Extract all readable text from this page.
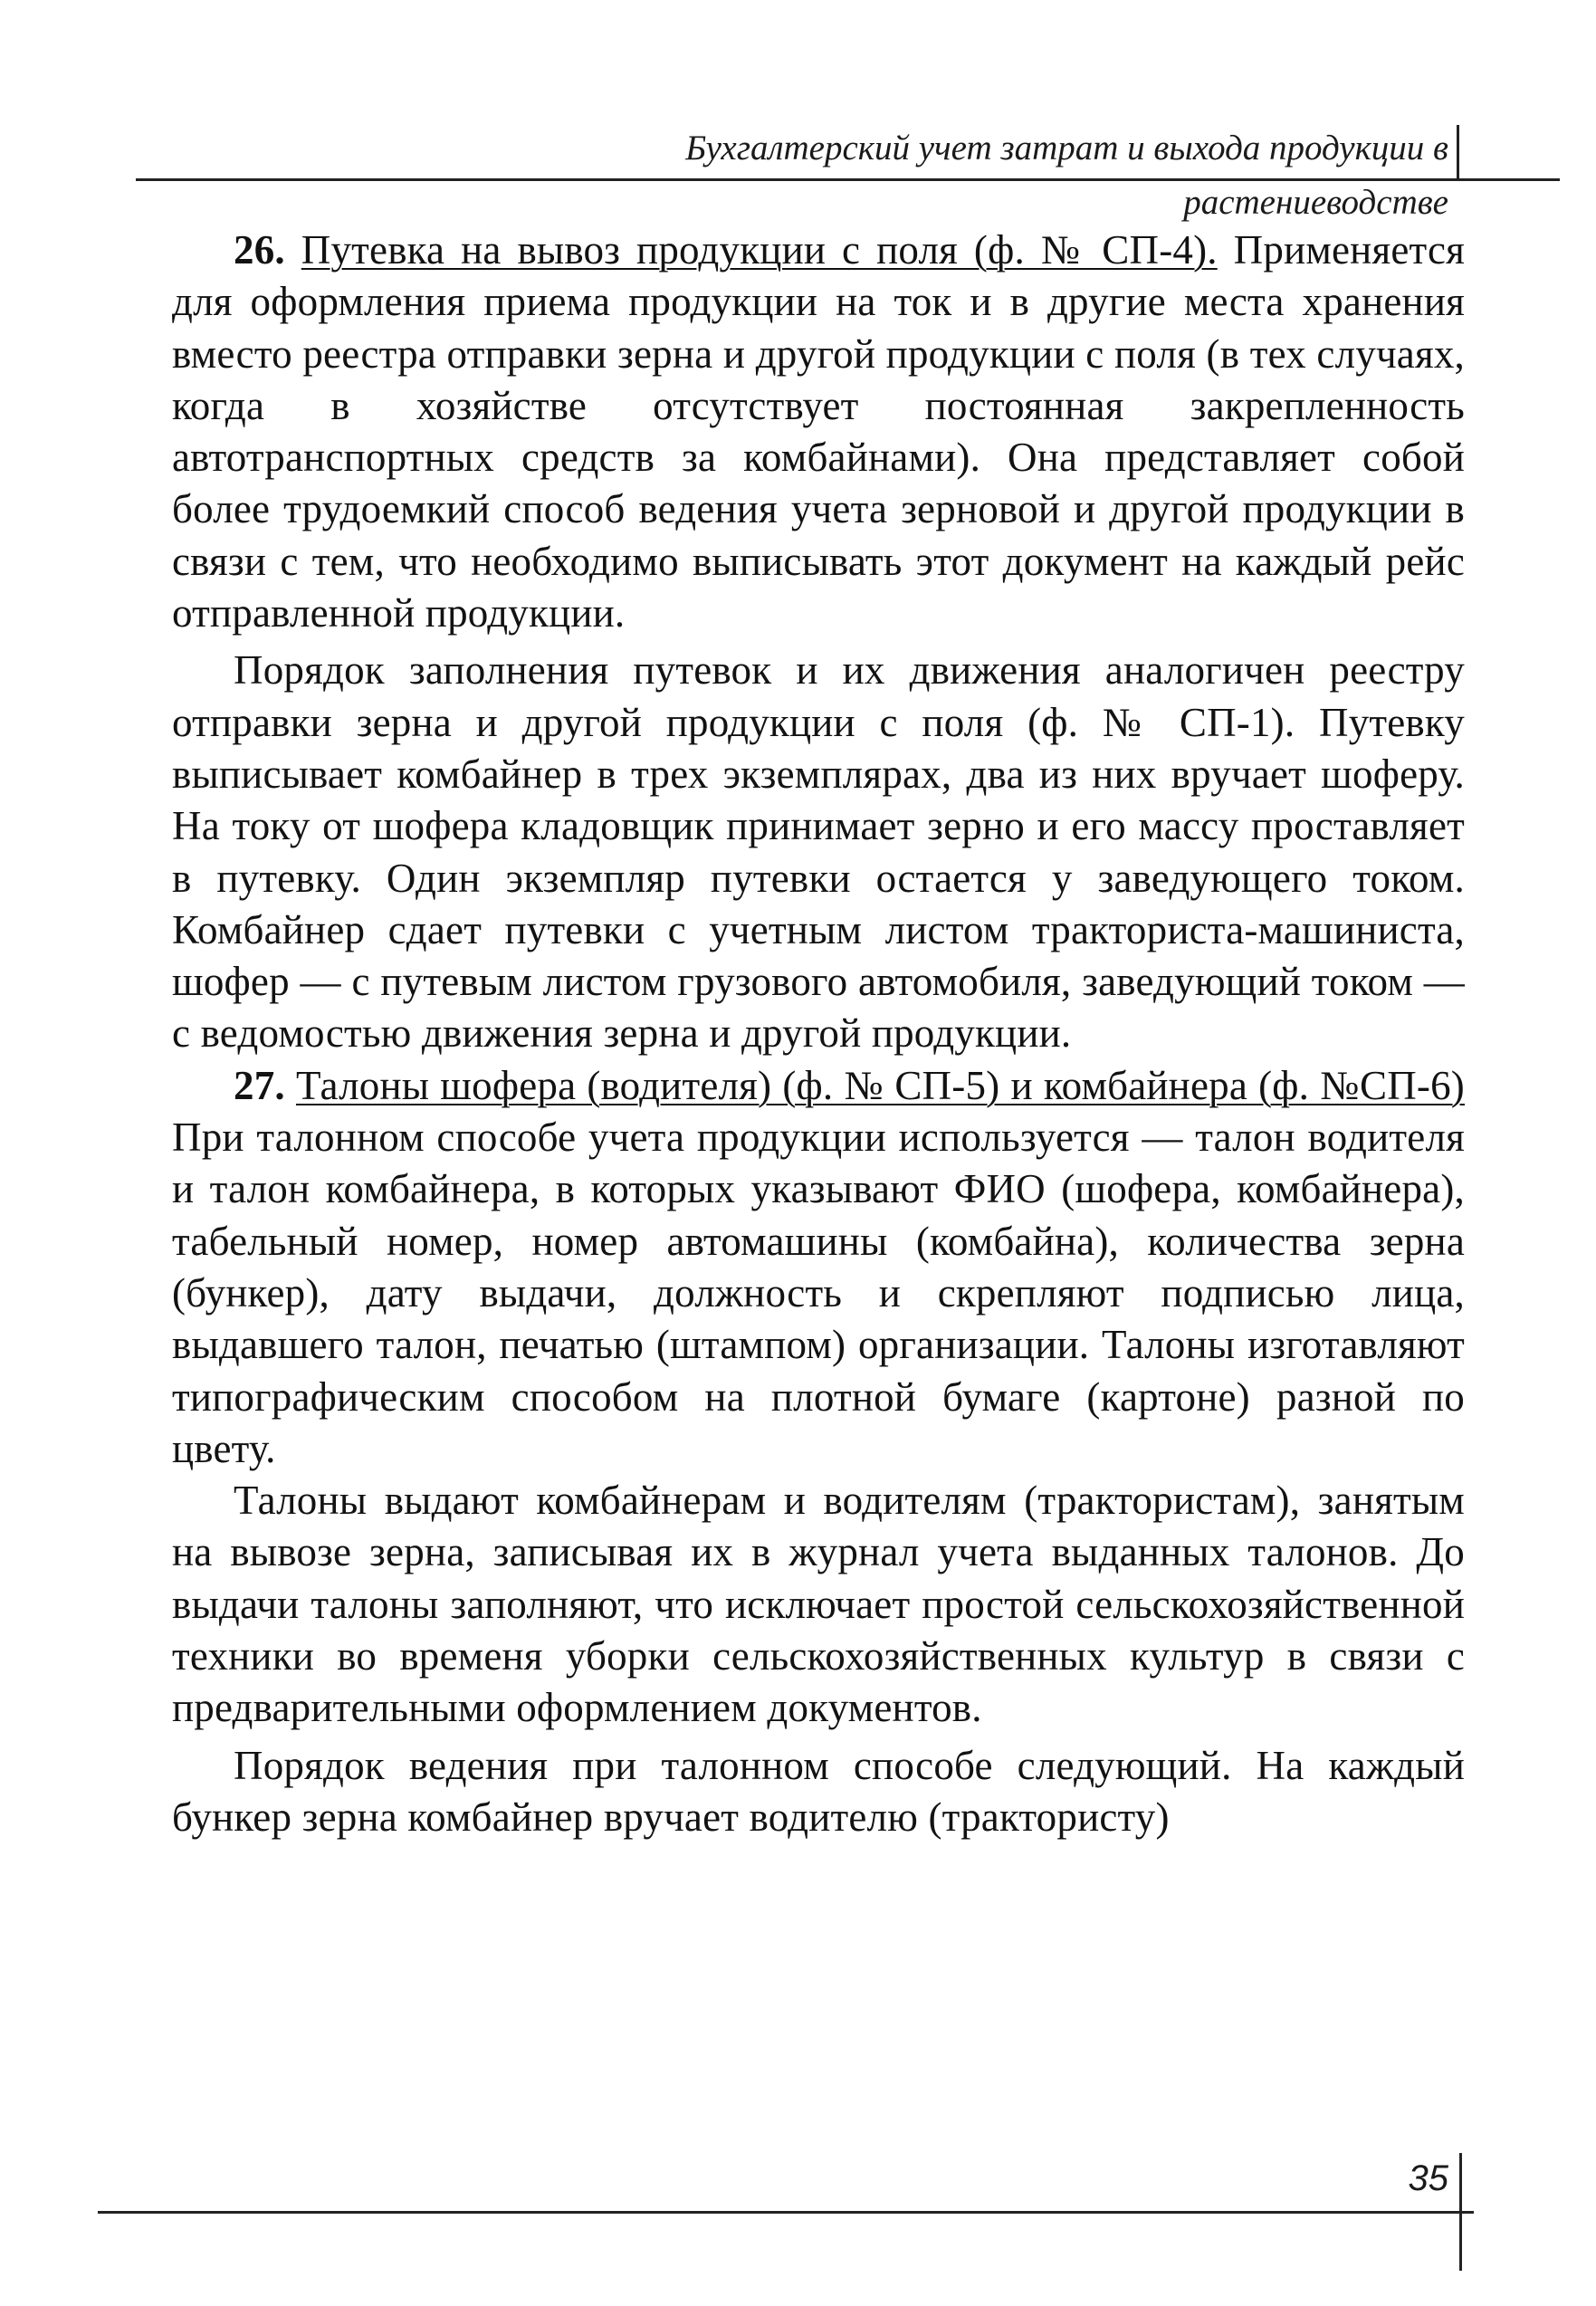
Бухгалтерский учет затрат и выхода продукции в растениеводстве

26. Путевка на вывоз продукции с поля (ф. № СП-4). Применяется для оформления приема продукции на ток и в другие места хранения вместо реестра отправки зерна и другой продукции с поля (в тех случаях, когда в хозяйстве отсутствует постоянная закрепленность автотранспортных средств за комбайнами). Она представляет собой более трудоемкий способ ведения учета зерновой и другой продукции в связи с тем, что необходимо выписывать этот документ на каждый рейс отправленной продукции.

Порядок заполнения путевок и их движения аналогичен реестру отправки зерна и другой продукции с поля (ф. № СП-1). Путевку выписывает комбайнер в трех экземплярах, два из них вручает шоферу. На току от шофера кладовщик принимает зерно и его массу проставляет в путевку. Один экземпляр путевки остается у заведующего током. Комбайнер сдает путевки с учетным листом тракториста-машиниста, шофер — с путевым листом грузового автомобиля, заведующий током — с ведомостью движения зерна и другой продукции.

27. Талоны шофера (водителя) (ф. № СП-5) и комбайнера (ф. №СП-6) При талонном способе учета продукции используется — талон водителя и талон комбайнера, в которых указывают ФИО (шофера, комбайнера), табельный номер, номер автомашины (комбайна), количества зерна (бункер), дату выдачи, должность и скрепляют подписью лица, выдавшего талон, печатью (штампом) организации. Талоны изготавляют типографическим способом на плотной бумаге (картоне) разной по цвету.

Талоны выдают комбайнерам и водителям (трактористам), занятым на вывозе зерна, записывая их в журнал учета выданных талонов. До выдачи талоны заполняют, что исключает простой сельскохозяйственной техники во временя уборки сельскохозяйственных культур в связи с предварительными оформлением документов.

Порядок ведения при талонном способе следующий. На каждый бункер зерна комбайнер вручает водителю (трактористу)

35
